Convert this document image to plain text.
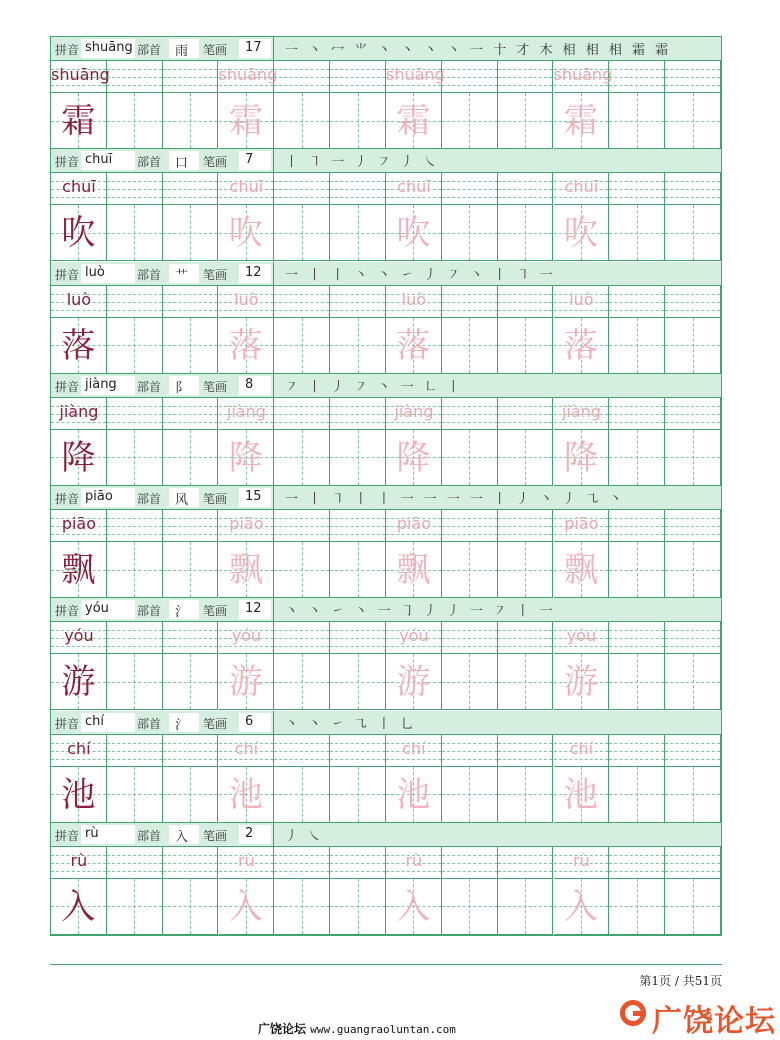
拼音 shuāng 部首 雨 笔画 17 一 丶 冖 ⺌ 丶 丶 丶 丶 一 十 才 木 相 相 相 霜 霜
shuāng
霜
shuāng
霜
shuāng
霜
shuāng
霜
拼音 chuī 部首 口 笔画 7 丨 ㇕ 一 丿 ㇇ 丿 ㇏
chuī
吹
chuī
吹
chuī
吹
chuī
吹
拼音 luò	部首 艹 笔画 12 一 丨 丨 丶 丶 ㇀ 丿 ㇇ 丶 丨 ㇕ 一
luò
落
luò
落
luò
落
luò
落
拼音 jiàng 部首 阝 笔画 8 ㇇ 丨 丿 ㇇ 丶 一 ㇗ 丨
jiàng
降
jiàng
降
jiàng
降
jiàng
降
拼音 piāo 部首 风 笔画 15 一 丨 ㇕ 丨 丨 一 一 一 一 丨 丿 丶 丿 ㇈ 丶
piāo
飘
piāo
飘
piāo
飘
piāo
飘
拼音 yóu 部首 氵 笔画 12 丶 丶 ㇀ 丶 一 ㇆ 丿 丿 一 ㇇ 丨 一
yóu
游
yóu
游
yóu
游
yóu
游
拼音 chí	部首 氵 笔画 6 丶 丶 ㇀ ㇈ 丨 乚
chí
池
chí
池
chí
池
chí
池
拼音 rù	部首 入 笔画 2 丿 ㇏
rù
入
rù
入
rù
入
rù
入
第1页 / 共51页
广饶论坛 www.guangraoluntan.com	广饶论坛
